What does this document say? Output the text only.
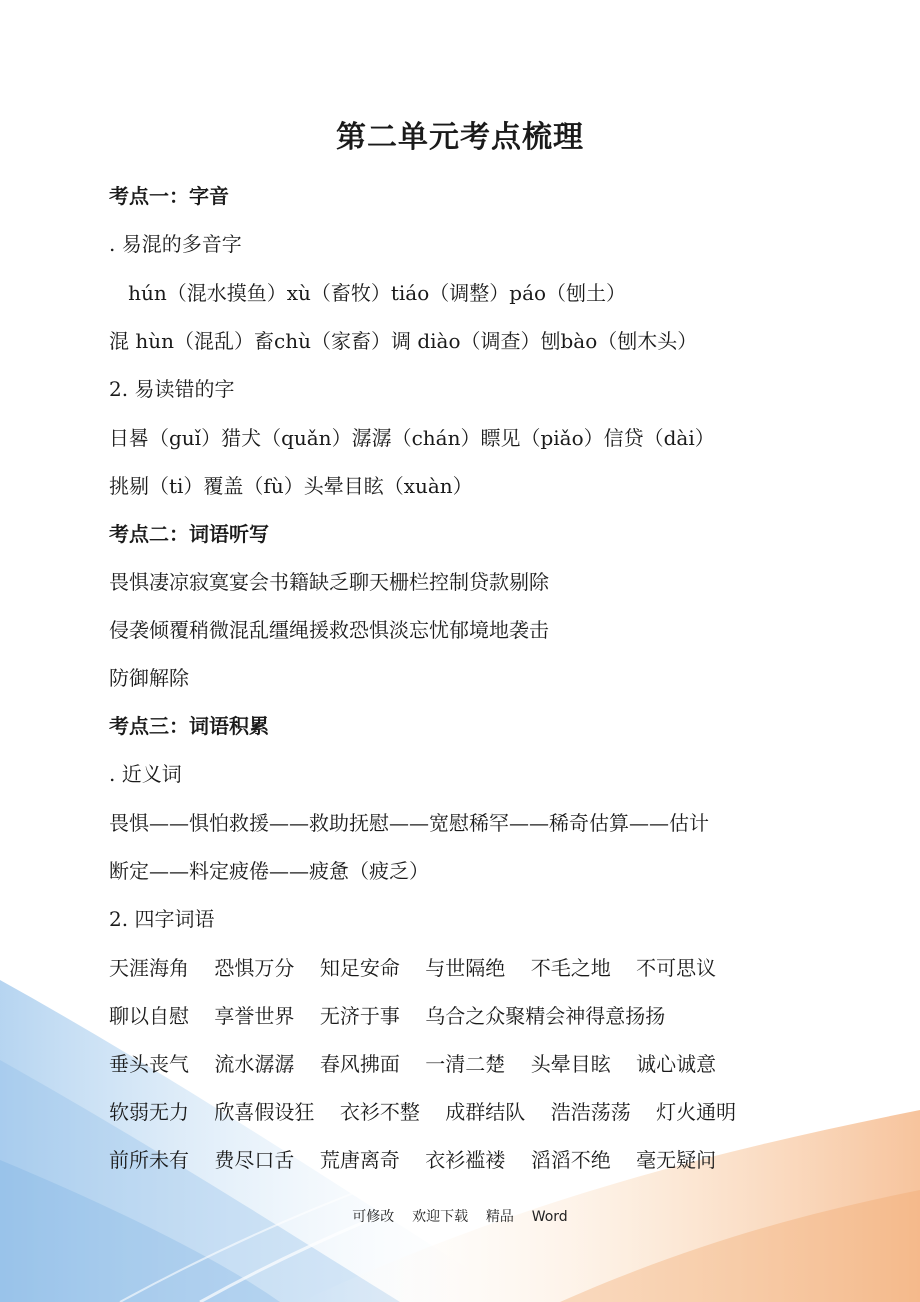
第二单元考点梳理
考点一：字音
. 易混的多音字
hún（混水摸鱼）xù（畜牧）tiáo（调整）páo（刨土）
混 hùn（混乱）畜chù（家畜）调 diào（调查）刨bào（刨木头）
2. 易读错的字
日晷（guǐ）猎犬（quǎn）潺潺（chán）瞟见（piǎo）信贷（dài）
挑剔（ti）覆盖（fù）头晕目眩（xuàn）
考点二：词语听写
畏惧凄凉寂寞宴会书籍缺乏聊天栅栏控制贷款剔除
侵袭倾覆稍微混乱缰绳援救恐惧淡忘忧郁境地袭击
防御解除
考点三：词语积累
. 近义词
畏惧——惧怕救援——救助抚慰——宽慰稀罕——稀奇估算——估计
断定——料定疲倦——疲惫（疲乏）
2. 四字词语
天涯海角    恐惧万分    知足安命    与世隔绝    不毛之地    不可思议
聊以自慰    享誉世界    无济于事    乌合之众聚精会神得意扬扬
垂头丧气    流水潺潺    春风拂面    一清二楚    头晕目眩    诚心诚意
软弱无力    欣喜假设狂    衣衫不整    成群结队    浩浩荡荡    灯火通明
前所未有    费尽口舌    荒唐离奇    衣衫褴褛    滔滔不绝    毫无疑问
可修改    欢迎下载    精品    Word
